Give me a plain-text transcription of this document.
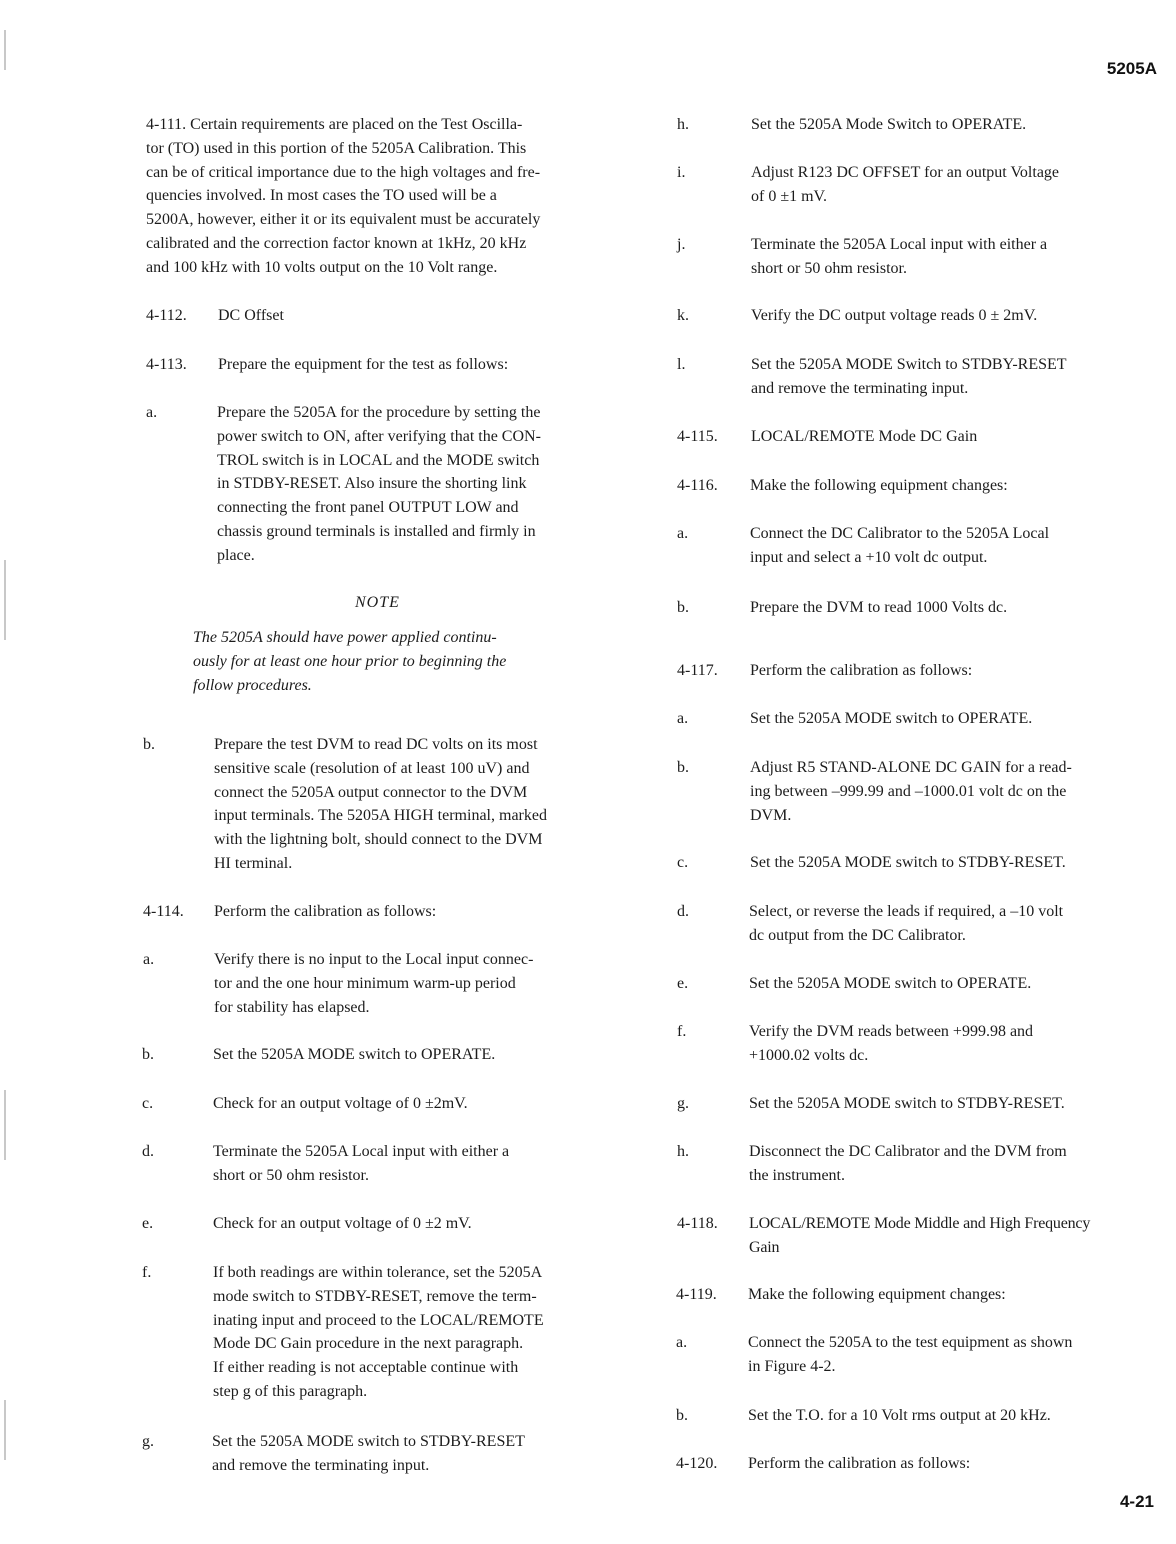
5205A
4-21
4-111. Certain requirements are placed on the Test Oscilla-
tor (TO) used in this portion of the 5205A Calibration. This
can be of critical importance due to the high voltages and fre-
quencies involved. In most cases the TO used will be a
5200A, however, either it or its equivalent must be accurately
calibrated and the correction factor known at 1kHz, 20 kHz
and 100 kHz with 10 volts output on the 10 Volt range.
4-112. DC Offset
4-113. Prepare the equipment for the test as follows:
a.	Prepare the 5205A for the procedure by setting the
power switch to ON, after verifying that the CON-
TROL switch is in LOCAL and the MODE switch
in STDBY-RESET. Also insure the shorting link
connecting the front panel OUTPUT LOW and
chassis ground terminals is installed and firmly in
place.
NOTE
The 5205A should have power applied continu-
ously for at least one hour prior to beginning the
follow procedures.
b.	Prepare the test DVM to read DC volts on its most
sensitive scale (resolution of at least 100 uV) and
connect the 5205A output connector to the DVM
input terminals. The 5205A HIGH terminal, marked
with the lightning bolt, should connect to the DVM
HI terminal.
4-114. Perform the calibration as follows:
a.	Verify there is no input to the Local input connec-
tor and the one hour minimum warm-up period
for stability has elapsed.
b.	Set the 5205A MODE switch to OPERATE.
c.	Check for an output voltage of 0 ±2mV.
d.	Terminate the 5205A Local input with either a
short or 50 ohm resistor.
e.	Check for an output voltage of 0 ±2 mV.
f.	If both readings are within tolerance, set the 5205A
mode switch to STDBY-RESET, remove the term-
inating input and proceed to the LOCAL/REMOTE
Mode DC Gain procedure in the next paragraph.
If either reading is not acceptable continue with
step g of this paragraph.
g.	Set the 5205A MODE switch to STDBY-RESET
and remove the terminating input.
h.	Set the 5205A Mode Switch to OPERATE.
i.	Adjust R123 DC OFFSET for an output Voltage
of 0 ±1 mV.
j.	Terminate the 5205A Local input with either a
short or 50 ohm resistor.
k.	Verify the DC output voltage reads 0 ± 2mV.
l.	Set the 5205A MODE Switch to STDBY-RESET
and remove the terminating input.
4-115. LOCAL/REMOTE Mode DC Gain
4-116. Make the following equipment changes:
a.	Connect the DC Calibrator to the 5205A Local
input and select a +10 volt dc output.
b.	Prepare the DVM to read 1000 Volts dc.
4-117. Perform the calibration as follows:
a.	Set the 5205A MODE switch to OPERATE.
b.	Adjust R5 STAND-ALONE DC GAIN for a read-
ing between –999.99 and –1000.01 volt dc on the
DVM.
c.	Set the 5205A MODE switch to STDBY-RESET.
d.	Select, or reverse the leads if required, a –10 volt
dc output from the DC Calibrator.
e.	Set the 5205A MODE switch to OPERATE.
f.	Verify the DVM reads between +999.98 and
+1000.02 volts dc.
g.	Set the 5205A MODE switch to STDBY-RESET.
h.	Disconnect the DC Calibrator and the DVM from
the instrument.
4-118. LOCAL/REMOTE Mode Middle and High Frequency
Gain
4-119. Make the following equipment changes:
a.	Connect the 5205A to the test equipment as shown
in Figure 4-2.
b.	Set the T.O. for a 10 Volt rms output at 20 kHz.
4-120. Perform the calibration as follows:
